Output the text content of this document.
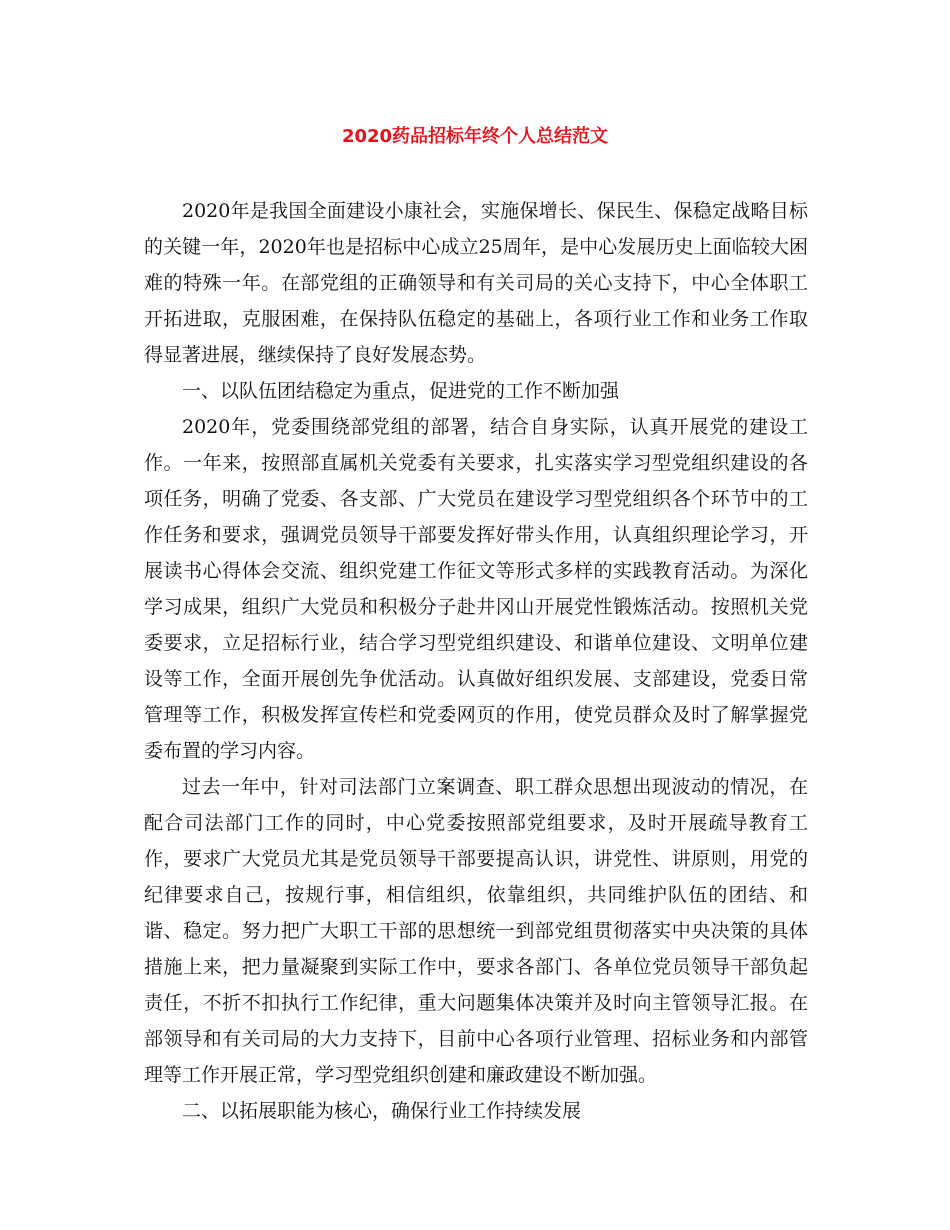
2020药品招标年终个人总结范文

2020年是我国全面建设小康社会，实施保增长、保民生、保稳定战略目标的关键一年，2020年也是招标中心成立25周年，是中心发展历史上面临较大困难的特殊一年。在部党组的正确领导和有关司局的关心支持下，中心全体职工开拓进取，克服困难，在保持队伍稳定的基础上，各项行业工作和业务工作取得显著进展，继续保持了良好发展态势。

一、以队伍团结稳定为重点，促进党的工作不断加强

2020年，党委围绕部党组的部署，结合自身实际，认真开展党的建设工作。一年来，按照部直属机关党委有关要求，扎实落实学习型党组织建设的各项任务，明确了党委、各支部、广大党员在建设学习型党组织各个环节中的工作任务和要求，强调党员领导干部要发挥好带头作用，认真组织理论学习，开展读书心得体会交流、组织党建工作征文等形式多样的实践教育活动。为深化学习成果，组织广大党员和积极分子赴井冈山开展党性锻炼活动。按照机关党委要求，立足招标行业，结合学习型党组织建设、和谐单位建设、文明单位建设等工作，全面开展创先争优活动。认真做好组织发展、支部建设，党委日常管理等工作，积极发挥宣传栏和党委网页的作用，使党员群众及时了解掌握党委布置的学习内容。

过去一年中，针对司法部门立案调查、职工群众思想出现波动的情况，在配合司法部门工作的同时，中心党委按照部党组要求，及时开展疏导教育工作，要求广大党员尤其是党员领导干部要提高认识，讲党性、讲原则，用党的纪律要求自己，按规行事，相信组织，依靠组织，共同维护队伍的团结、和谐、稳定。努力把广大职工干部的思想统一到部党组贯彻落实中央决策的具体措施上来，把力量凝聚到实际工作中，要求各部门、各单位党员领导干部负起责任，不折不扣执行工作纪律，重大问题集体决策并及时向主管领导汇报。在部领导和有关司局的大力支持下，目前中心各项行业管理、招标业务和内部管理等工作开展正常，学习型党组织创建和廉政建设不断加强。

二、以拓展职能为核心，确保行业工作持续发展
